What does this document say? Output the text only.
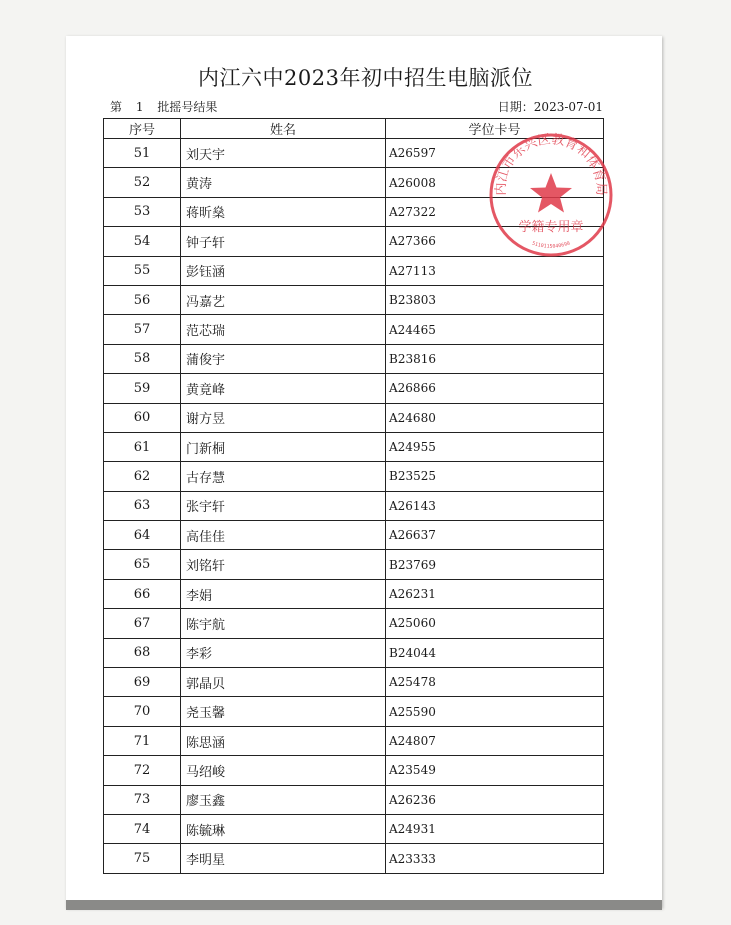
内江六中2023年初中招生电脑派位
第 1 批摇号结果	日期：2023-07-01
序号	姓名	学位卡号
51	刘天宇	A26597
52	黄涛	A26008
53	蒋昕燊	A27322
54	钟子轩	A27366
55	彭钰涵	A27113
56	冯嘉艺	B23803
57	范芯瑞	A24465
58	蒲俊宇	B23816
59	黄竟峰	A26866
60	谢方昱	A24680
61	门新桐	A24955
62	古存慧	B23525
63	张宇轩	A26143
64	高佳佳	A26637
65	刘铭轩	B23769
66	李娟	A26231
67	陈宇航	A25060
68	李彩	B24044
69	郭晶贝	A25478
70	尧玉馨	A25590
71	陈思涵	A24807
72	马绍峻	A23549
73	廖玉鑫	A26236
74	陈毓琳	A24931
75	李明星	A23333
内江市东兴区教育和体育局
学籍专用章
5110115040690
